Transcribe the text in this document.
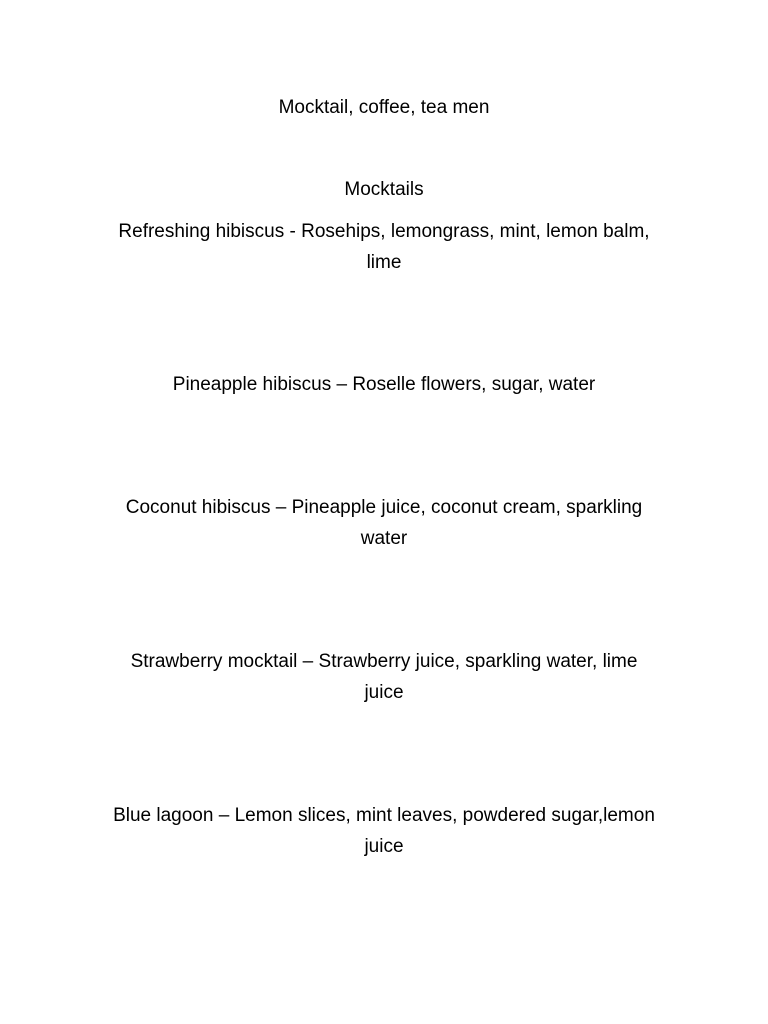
Mocktail, coffee, tea men
Mocktails
Refreshing hibiscus - Rosehips, lemongrass, mint, lemon balm,
lime
Pineapple hibiscus – Roselle flowers, sugar, water
Coconut hibiscus – Pineapple juice, coconut cream, sparkling
water
Strawberry mocktail – Strawberry juice, sparkling water, lime
juice
Blue lagoon – Lemon slices, mint leaves, powdered sugar,lemon
juice
